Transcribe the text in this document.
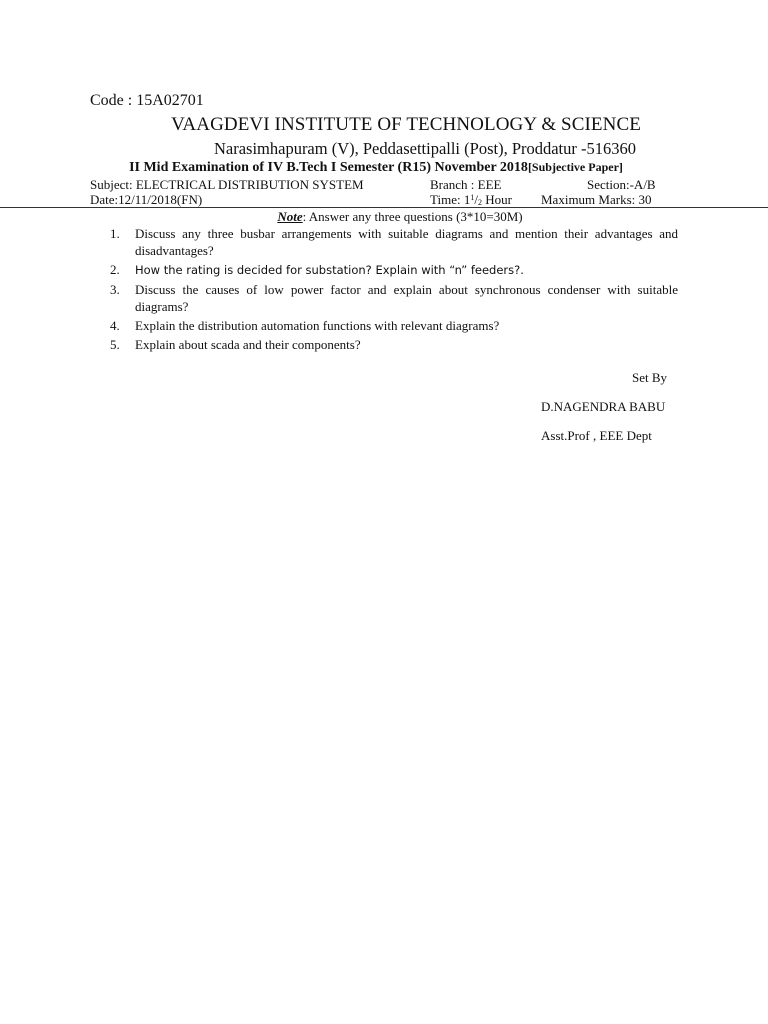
Code : 15A02701
VAAGDEVI INSTITUTE OF TECHNOLOGY & SCIENCE
Narasimhapuram (V), Peddasettipalli (Post), Proddatur -516360
II Mid Examination of IV B.Tech I Semester (R15) November 2018[Subjective Paper]
Subject: ELECTRICAL DISTRIBUTION SYSTEM	Branch : EEE	Section:-A/B
Date:12/11/2018(FN)	Time: $1^1/_2$ Hour Maximum Marks: 30
Note: Answer any three questions (3*10=30M)
1. Discuss any three busbar arrangements with suitable diagrams and mention their advantages and disadvantages?
2. How the rating is decided for substation? Explain with “n” feeders?.
3. Discuss the causes of low power factor and explain about synchronous condenser with suitable diagrams?
4. Explain the distribution automation functions with relevant diagrams?
5. Explain about scada and their components?
Set By
D.NAGENDRA BABU
Asst.Prof , EEE Dept
